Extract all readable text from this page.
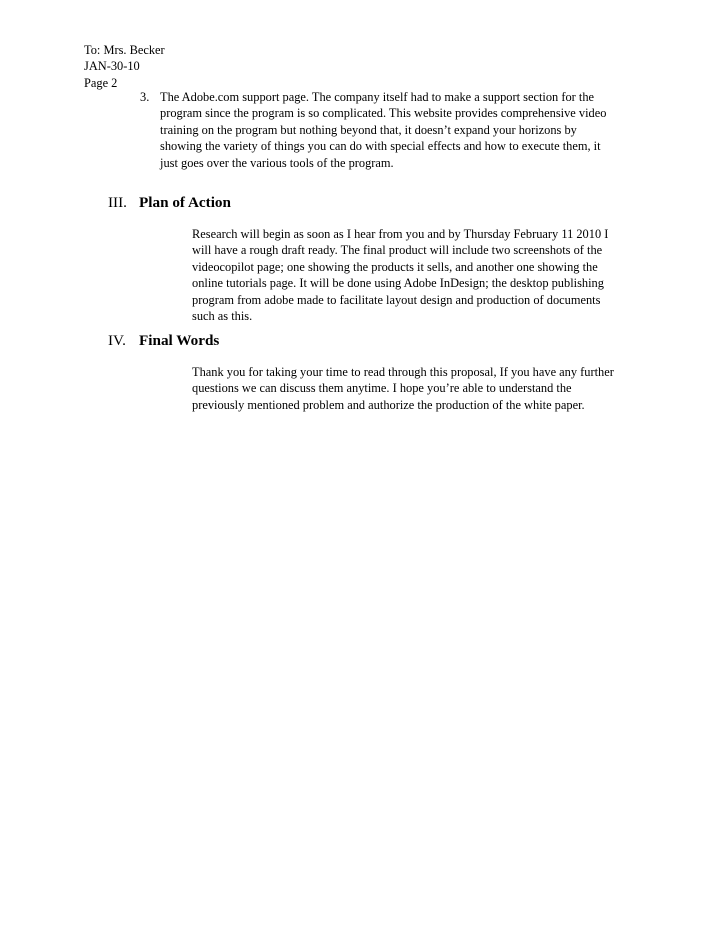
To: Mrs. Becker
JAN-30-10
Page 2
3. The Adobe.com support page. The company itself had to make a support section for the
program since the program is so complicated. This website provides comprehensive video
training on the program but nothing beyond that, it doesn’t expand your horizons by
showing the variety of things you can do with special effects and how to execute them, it
just goes over the various tools of the program.
III. Plan of Action
Research will begin as soon as I hear from you and by Thursday February 11 2010 I
will have a rough draft ready. The final product will include two screenshots of the
videocopilot page; one showing the products it sells, and another one showing the
online tutorials page. It will be done using Adobe InDesign; the desktop publishing
program from adobe made to facilitate layout design and production of documents
such as this.
IV. Final Words
Thank you for taking your time to read through this proposal, If you have any further
questions we can discuss them anytime. I hope you’re able to understand the
previously mentioned problem and authorize the production of the white paper.
